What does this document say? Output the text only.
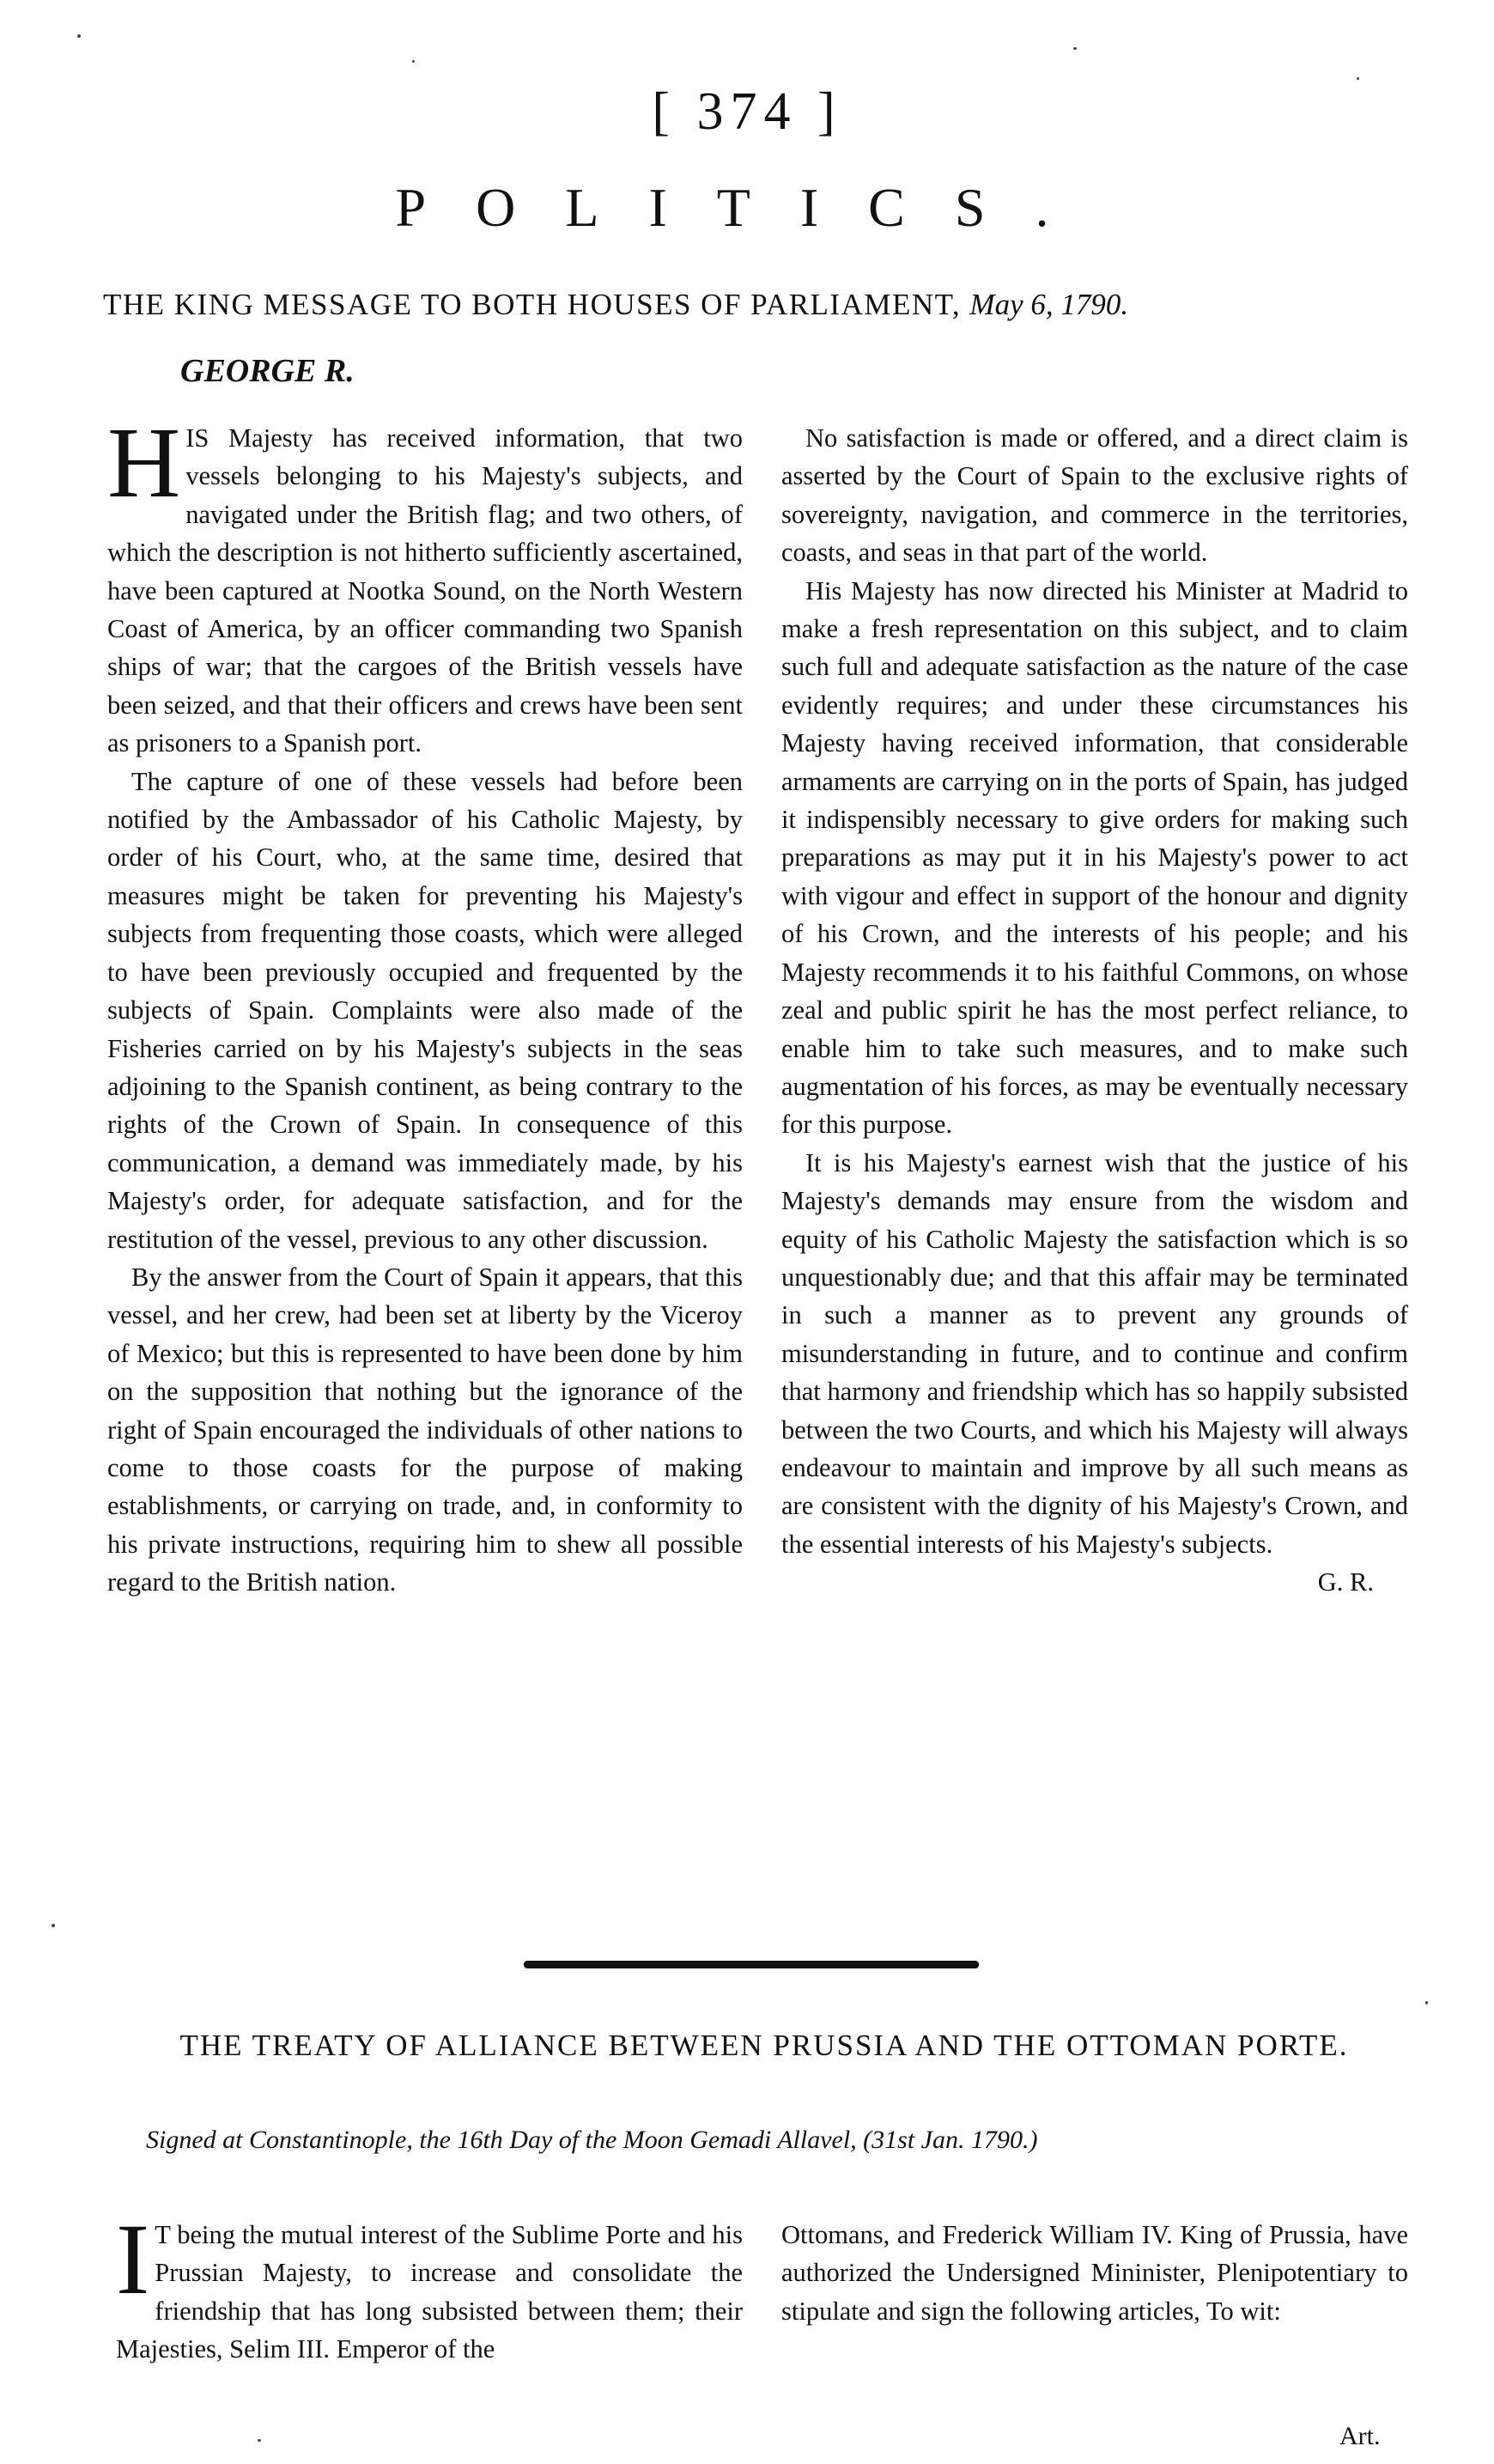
[ 374 ]
POLITICS.
THE KING MESSAGE TO BOTH HOUSES OF PARLIAMENT, May 6, 1790.
GEORGE R.

HIS Majesty has received information, that two vessels belonging to his Majesty's subjects, and navigated under the British flag; and two others, of which the description is not hitherto sufficiently ascertained, have been captured at Nootka Sound, on the North Western Coast of America, by an officer commanding two Spanish ships of war; that the cargoes of the British vessels have been seized, and that their officers and crews have been sent as prisoners to a Spanish port.

The capture of one of these vessels had before been notified by the Ambassador of his Catholic Majesty, by order of his Court, who, at the same time, desired that measures might be taken for preventing his Majesty's subjects from frequenting those coasts, which were alleged to have been previously occupied and frequented by the subjects of Spain. Complaints were also made of the Fisheries carried on by his Majesty's subjects in the seas adjoining to the Spanish continent, as being contrary to the rights of the Crown of Spain. In consequence of this communication, a demand was immediately made, by his Majesty's order, for adequate satisfaction, and for the restitution of the vessel, previous to any other discussion.

By the answer from the Court of Spain it appears, that this vessel, and her crew, had been set at liberty by the Viceroy of Mexico; but this is represented to have been done by him on the supposition that nothing but the ignorance of the right of Spain encouraged the individuals of other nations to come to those coasts for the purpose of making establishments, or carrying on trade, and, in conformity to his private instructions, requiring him to shew all possible regard to the British nation.

No satisfaction is made or offered, and a direct claim is asserted by the Court of Spain to the exclusive rights of sovereignty, navigation, and commerce in the territories, coasts, and seas in that part of the world.

His Majesty has now directed his Minister at Madrid to make a fresh representation on this subject, and to claim such full and adequate satisfaction as the nature of the case evidently requires; and under these circumstances his Majesty having received information, that considerable armaments are carrying on in the ports of Spain, has judged it indispensibly necessary to give orders for making such preparations as may put it in his Majesty's power to act with vigour and effect in support of the honour and dignity of his Crown, and the interests of his people; and his Majesty recommends it to his faithful Commons, on whose zeal and public spirit he has the most perfect reliance, to enable him to take such measures, and to make such augmentation of his forces, as may be eventually necessary for this purpose.

It is his Majesty's earnest wish that the justice of his Majesty's demands may ensure from the wisdom and equity of his Catholic Majesty the satisfaction which is so unquestionably due; and that this affair may be terminated in such a manner as to prevent any grounds of misunderstanding in future, and to continue and confirm that harmony and friendship which has so happily subsisted between the two Courts, and which his Majesty will always endeavour to maintain and improve by all such means as are consistent with the dignity of his Majesty's Crown, and the essential interests of his Majesty's subjects.

G. R.
THE TREATY OF ALLIANCE BETWEEN PRUSSIA AND THE OTTOMAN PORTE.
Signed at Constantinople, the 16th Day of the Moon Gemadi Allavel, (31st Jan. 1790.)

I T being the mutual interest of the Sublime Porte and his Prussian Majesty, to increase and consolidate the friendship that has long subsisted between them; their Majesties, Selim III. Emperor of the

Ottomans, and Frederick William IV. King of Prussia, have authorized the Undersigned Mininister, Plenipotentiary to stipulate and sign the following articles, To wit:

Art.
